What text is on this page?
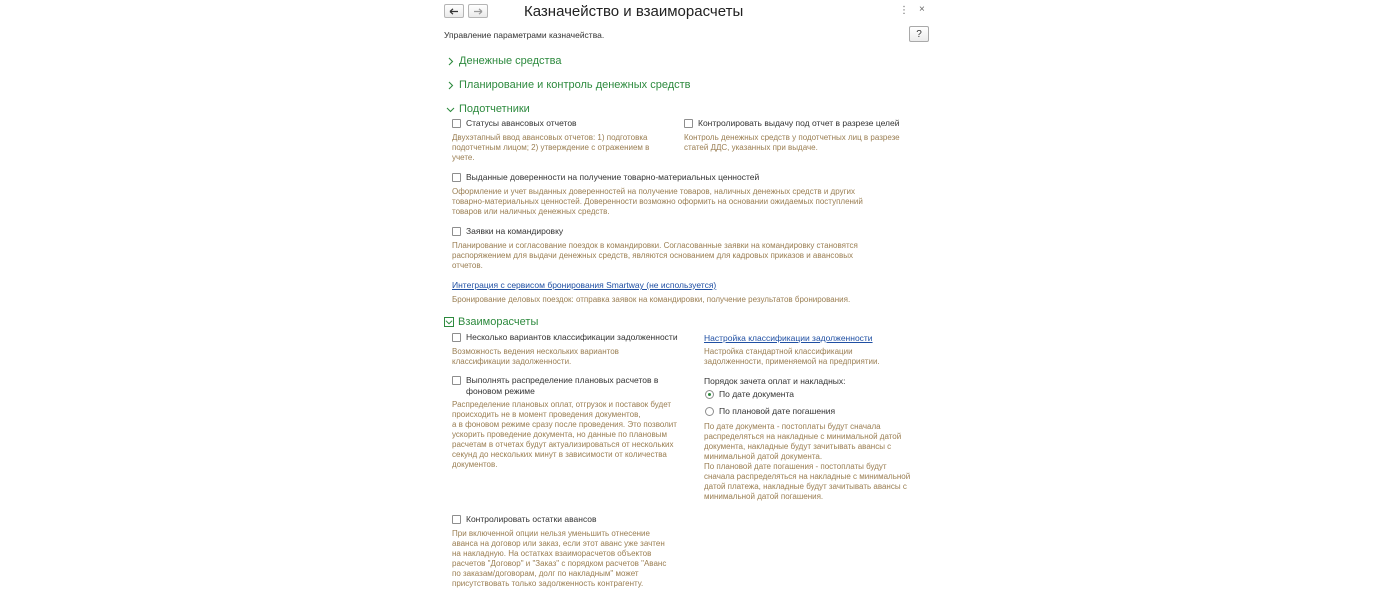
Казначейство и взаиморасчеты	⋮ ×
Управление параметрами казначейства.	?
Денежные средства
Планирование и контроль денежных средств
Подотчетники
Статусы авансовых отчетов
Двухэтапный ввод авансовых отчетов: 1) подготовка
подотчетным лицом; 2) утверждение с отражением в
учете.
Контролировать выдачу под отчет в разрезе целей
Контроль денежных средств у подотчетных лиц в разрезе
статей ДДС, указанных при выдаче.
Выданные доверенности на получение товарно-материальных ценностей
Оформление и учет выданных доверенностей на получение товаров, наличных денежных средств и других
товарно-материальных ценностей. Доверенности возможно оформить на основании ожидаемых поступлений
товаров или наличных денежных средств.
Заявки на командировку
Планирование и согласование поездок в командировки. Согласованные заявки на командировку становятся
распоряжением для выдачи денежных средств, являются основанием для кадровых приказов и авансовых
отчетов.
Интеграция с сервисом бронирования Smartway (не используется)
Бронирование деловых поездок: отправка заявок на командировки, получение результатов бронирования.
Взаиморасчеты
Несколько вариантов классификации задолженности
Возможность ведения нескольких вариантов
классификации задолженности.
Настройка классификации задолженности
Настройка стандартной классификации
задолженности, применяемой на предприятии.
Выполнять распределение плановых расчетов в
фоновом режиме
Распределение плановых оплат, отгрузок и поставок будет
происходить не в момент проведения документов,
а в фоновом режиме сразу после проведения. Это позволит
ускорить проведение документа, но данные по плановым
расчетам в отчетах будут актуализироваться от нескольких
секунд до нескольких минут в зависимости от количества
документов.
Порядок зачета оплат и накладных:
По дате документа
По плановой дате погашения
По дате документа - постоплаты будут сначала
распределяться на накладные с минимальной датой
документа, накладные будут зачитывать авансы с
минимальной датой документа.
По плановой дате погашения - постоплаты будут
сначала распределяться на накладные с минимальной
датой платежа, накладные будут зачитывать авансы с
минимальной датой погашения.
Контролировать остатки авансов
При включенной опции нельзя уменьшить отнесение
аванса на договор или заказ, если этот аванс уже зачтен
на накладную. На остатках взаиморасчетов объектов
расчетов "Договор" и "Заказ" с порядком расчетов "Аванс
по заказам/договорам, долг по накладным" может
присутствовать только задолженность контрагенту.
